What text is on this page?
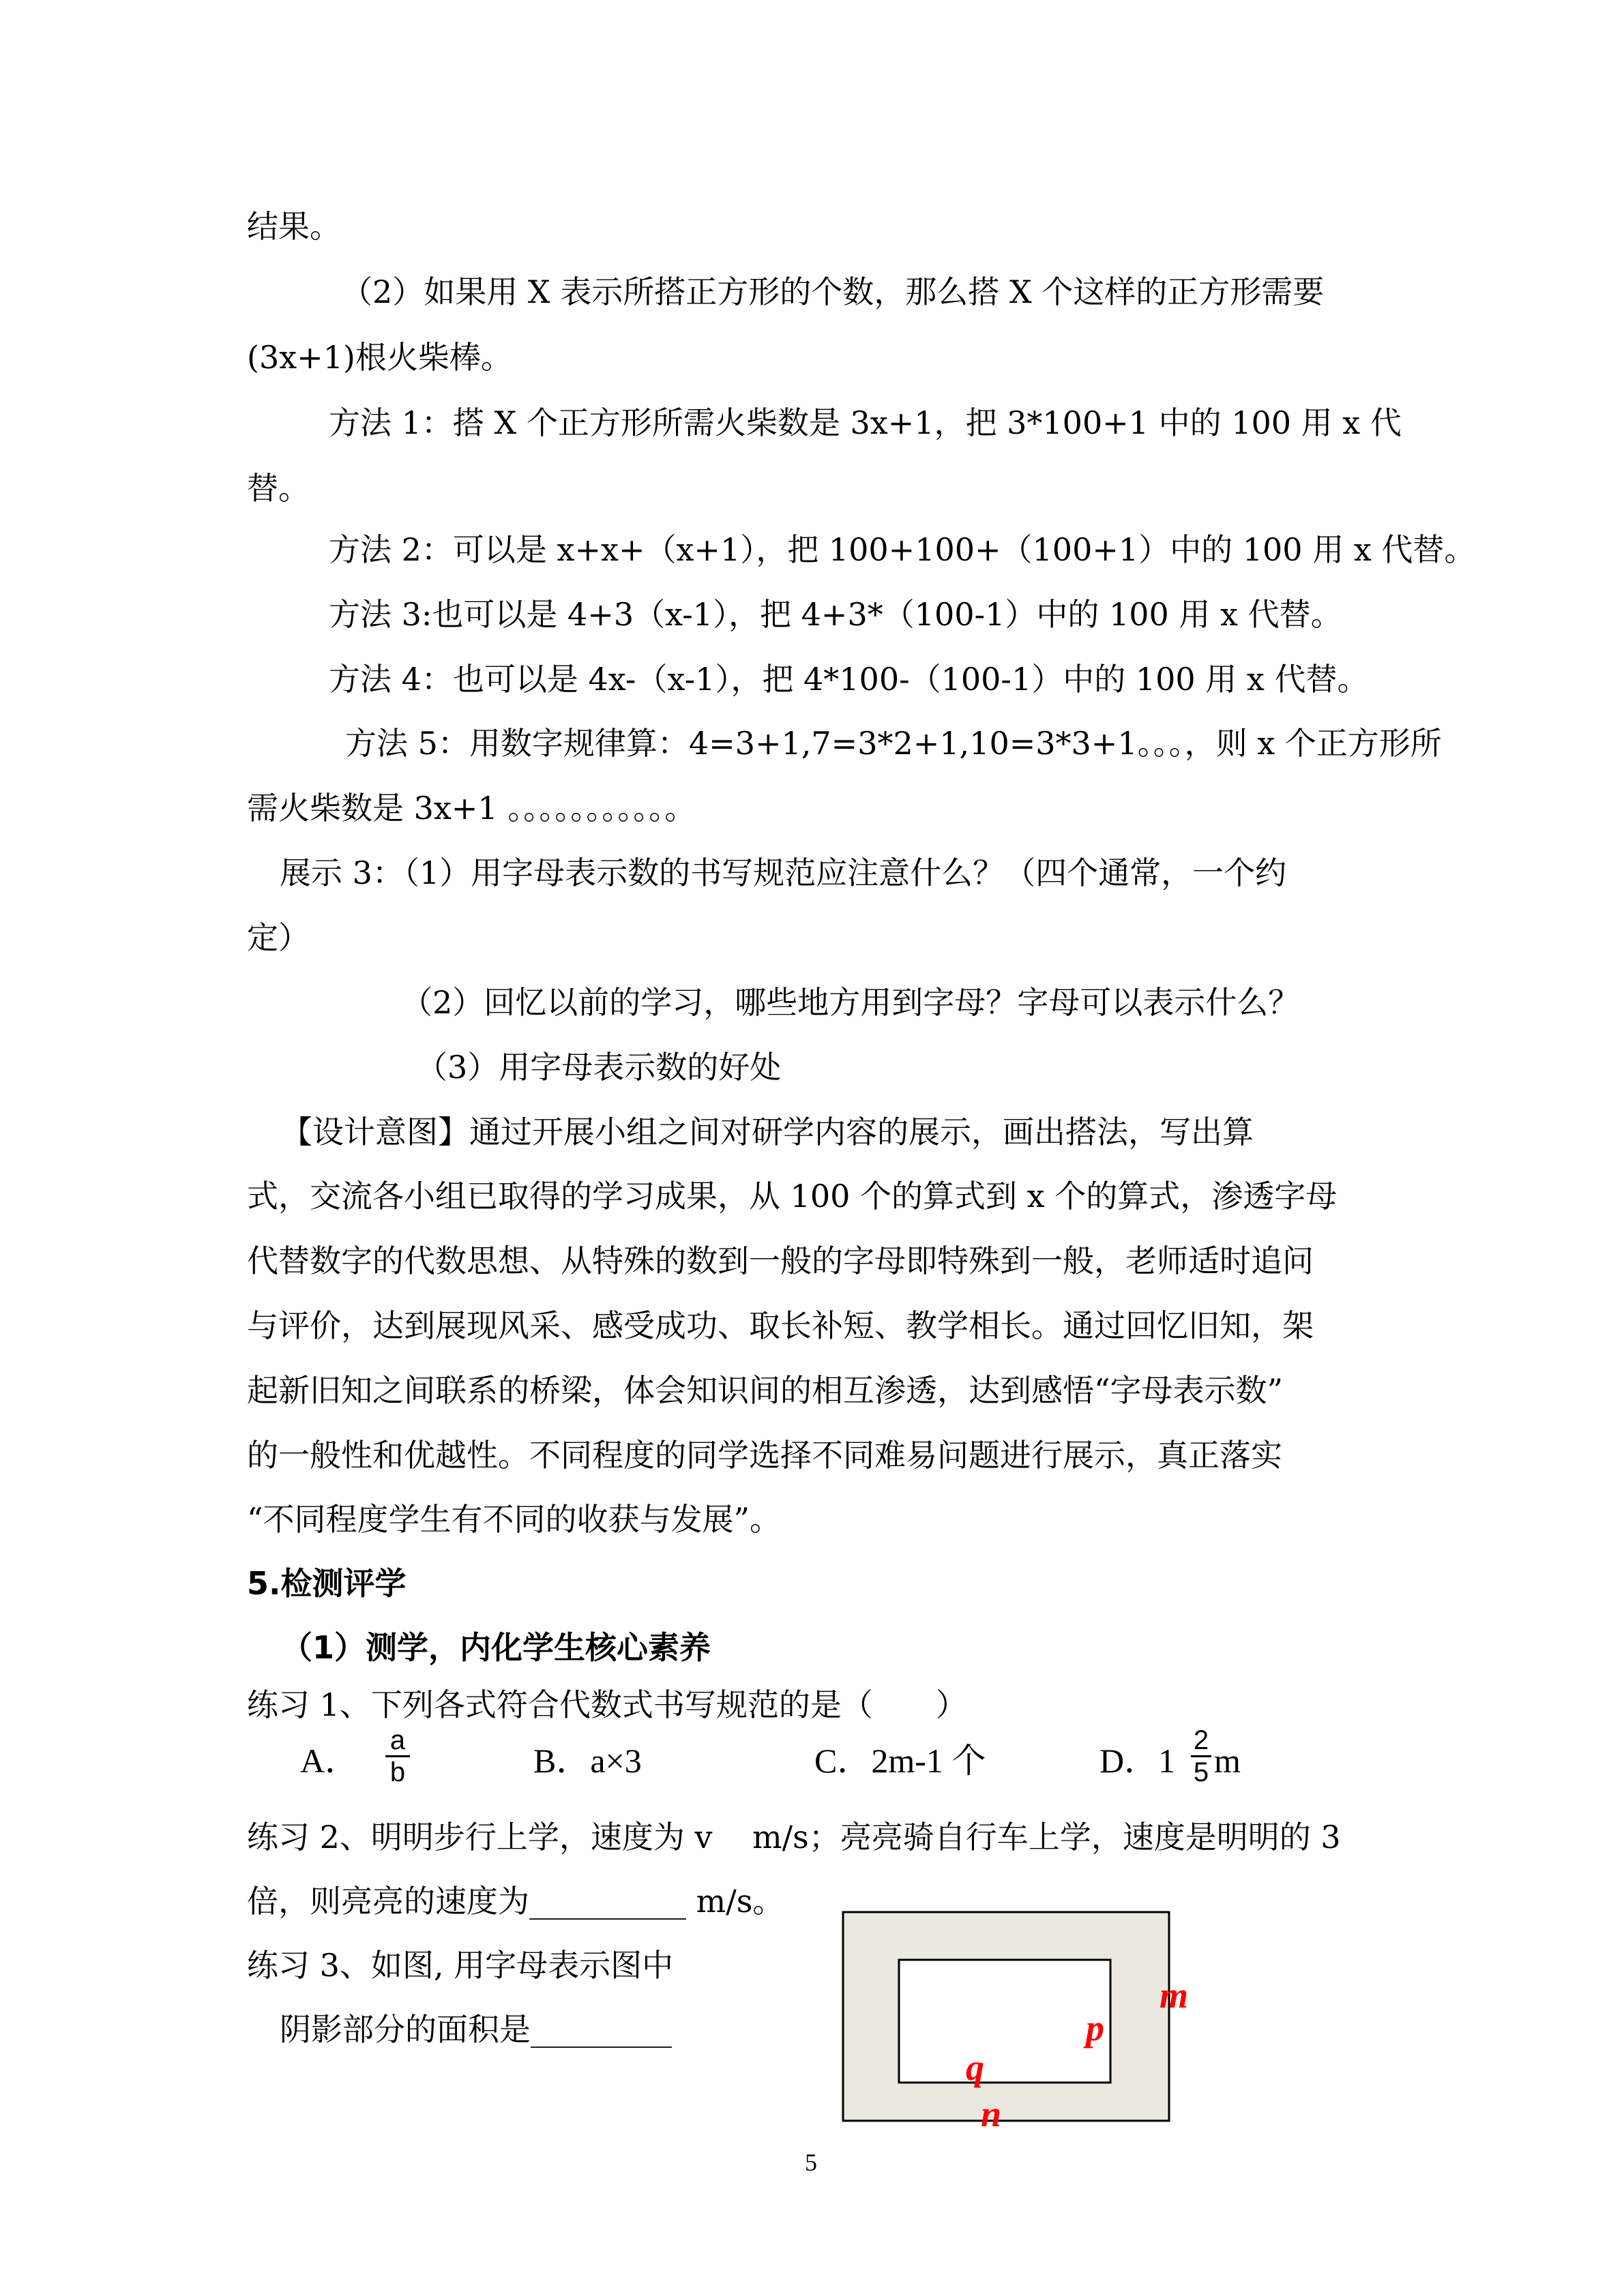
结果。
（2）如果用 X 表示所搭正方形的个数，那么搭 X 个这样的正方形需要
(3x+1)根火柴棒。
方法 1：搭 X 个正方形所需火柴数是 3x+1，把 3*100+1 中的 100 用 x 代
替。
方法 2：可以是 x+x+（x+1），把 100+100+（100+1）中的 100 用 x 代替。
方法 3:也可以是 4+3（x-1），把 4+3*（100-1）中的 100 用 x 代替。
方法 4：也可以是 4x-（x-1），把 4*100-（100-1）中的 100 用 x 代替。
方法 5：用数字规律算：4=3+1,7=3*2+1,10=3*3+1。。。，则 x 个正方形所
需火柴数是 3x+1 。。。。。。。。。。。
展示 3：（1）用字母表示数的书写规范应注意什么？（四个通常，一个约
定）
（2）回忆以前的学习，哪些地方用到字母？字母可以表示什么？
（3）用字母表示数的好处
【设计意图】通过开展小组之间对研学内容的展示，画出搭法，写出算
式，交流各小组已取得的学习成果，从 100 个的算式到 x 个的算式，渗透字母
代替数字的代数思想、从特殊的数到一般的字母即特殊到一般，老师适时追问
与评价，达到展现风采、感受成功、取长补短、教学相长。通过回忆旧知，架
起新旧知之间联系的桥梁，体会知识间的相互渗透，达到感悟“字母表示数”
的一般性和优越性。不同程度的同学选择不同难易问题进行展示，真正落实
“不同程度学生有不同的收获与发展”。
5.检测评学
（1）测学，内化学生核心素养
练习 1、下列各式符合代数式书写规范的是（　　）
A．
a
b	B．a×3	C．2m-1 个	D．1
2
5 m
练习 2、明明步行上学，速度为 v    m/s；亮亮骑自行车上学，速度是明明的 3
倍，则亮亮的速度为__________ m/s。
练习 3、如图, 用字母表示图中
阴影部分的面积是_________
m
p
q
n
5
